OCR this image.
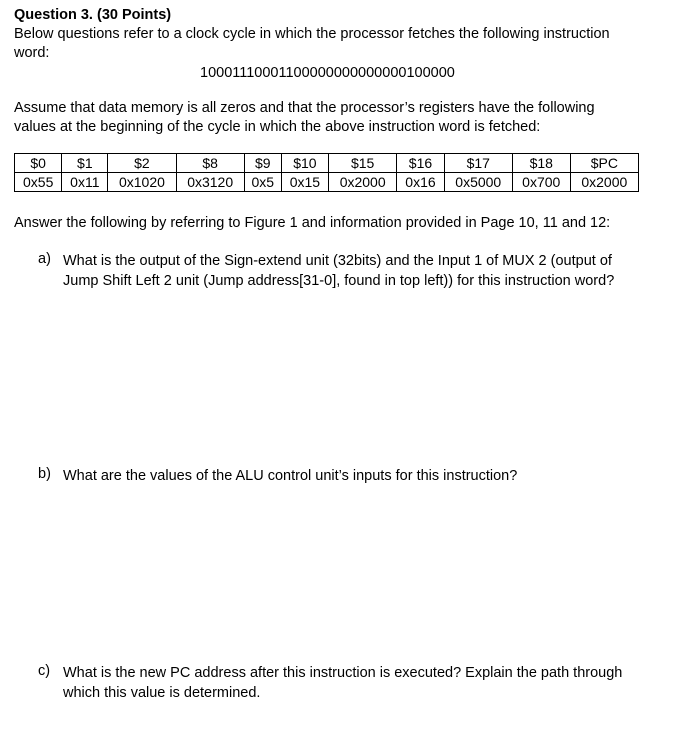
Question 3. (30 Points)
Below questions refer to a clock cycle in which the processor fetches the following instruction
word:
10001110001100000000000000100000
Assume that data memory is all zeros and that the processor’s registers have the following
values at the beginning of the cycle in which the above instruction word is fetched:
$0	$1	$2	$8	$9	$10	$15	$16	$17	$18	$PC
0x55	0x11	0x1020	0x3120	0x5	0x15	0x2000	0x16	0x5000	0x700	0x2000
Answer the following by referring to Figure 1 and information provided in Page 10, 11 and 12:
a) What is the output of the Sign-extend unit (32bits) and the Input 1 of MUX 2 (output of
Jump Shift Left 2 unit (Jump address[31-0], found in top left)) for this instruction word?
b) What are the values of the ALU control unit’s inputs for this instruction?
c) What is the new PC address after this instruction is executed? Explain the path through
which this value is determined.
